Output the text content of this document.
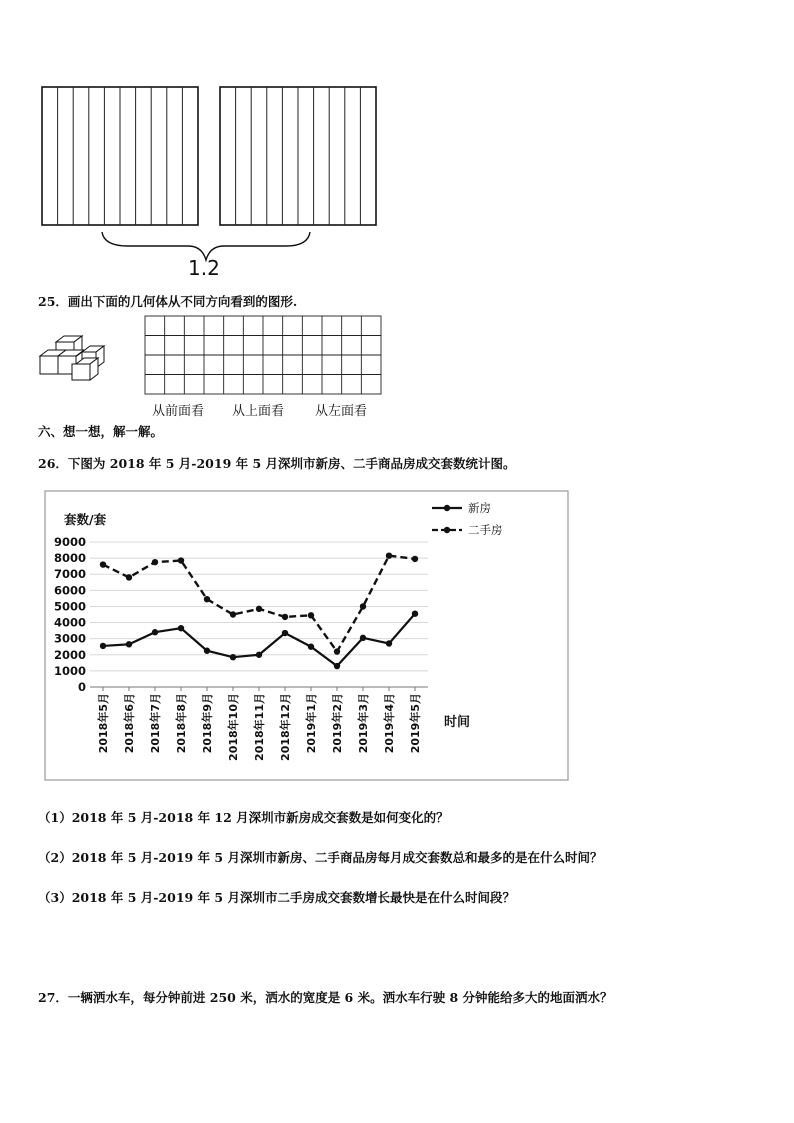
1.2
25．画出下面的几何体从不同方向看到的图形.
从前面看 从上面看 从左面看
六、想一想，解一解。
26．下图为 2018 年 5 月-2019 年 5 月深圳市新房、二手商品房成交套数统计图。
套数/套
0
1000
2000
3000
4000
5000
6000
7000
8000
9000
2018年5月 2018年6月 2018年7月 2018年8月 2018年9月 2018年10月 2018年11月 2018年12月 2019年1月 2019年2月 2019年3月 2019年4月 2019年5月
新房
二手房
时间
（1）2018 年 5 月-2018 年 12 月深圳市新房成交套数是如何变化的？
（2）2018 年 5 月-2019 年 5 月深圳市新房、二手商品房每月成交套数总和最多的是在什么时间？
（3）2018 年 5 月-2019 年 5 月深圳市二手房成交套数增长最快是在什么时间段？
27．一辆洒水车，每分钟前进 250 米，洒水的宽度是 6 米。洒水车行驶 8 分钟能给多大的地面洒水？
